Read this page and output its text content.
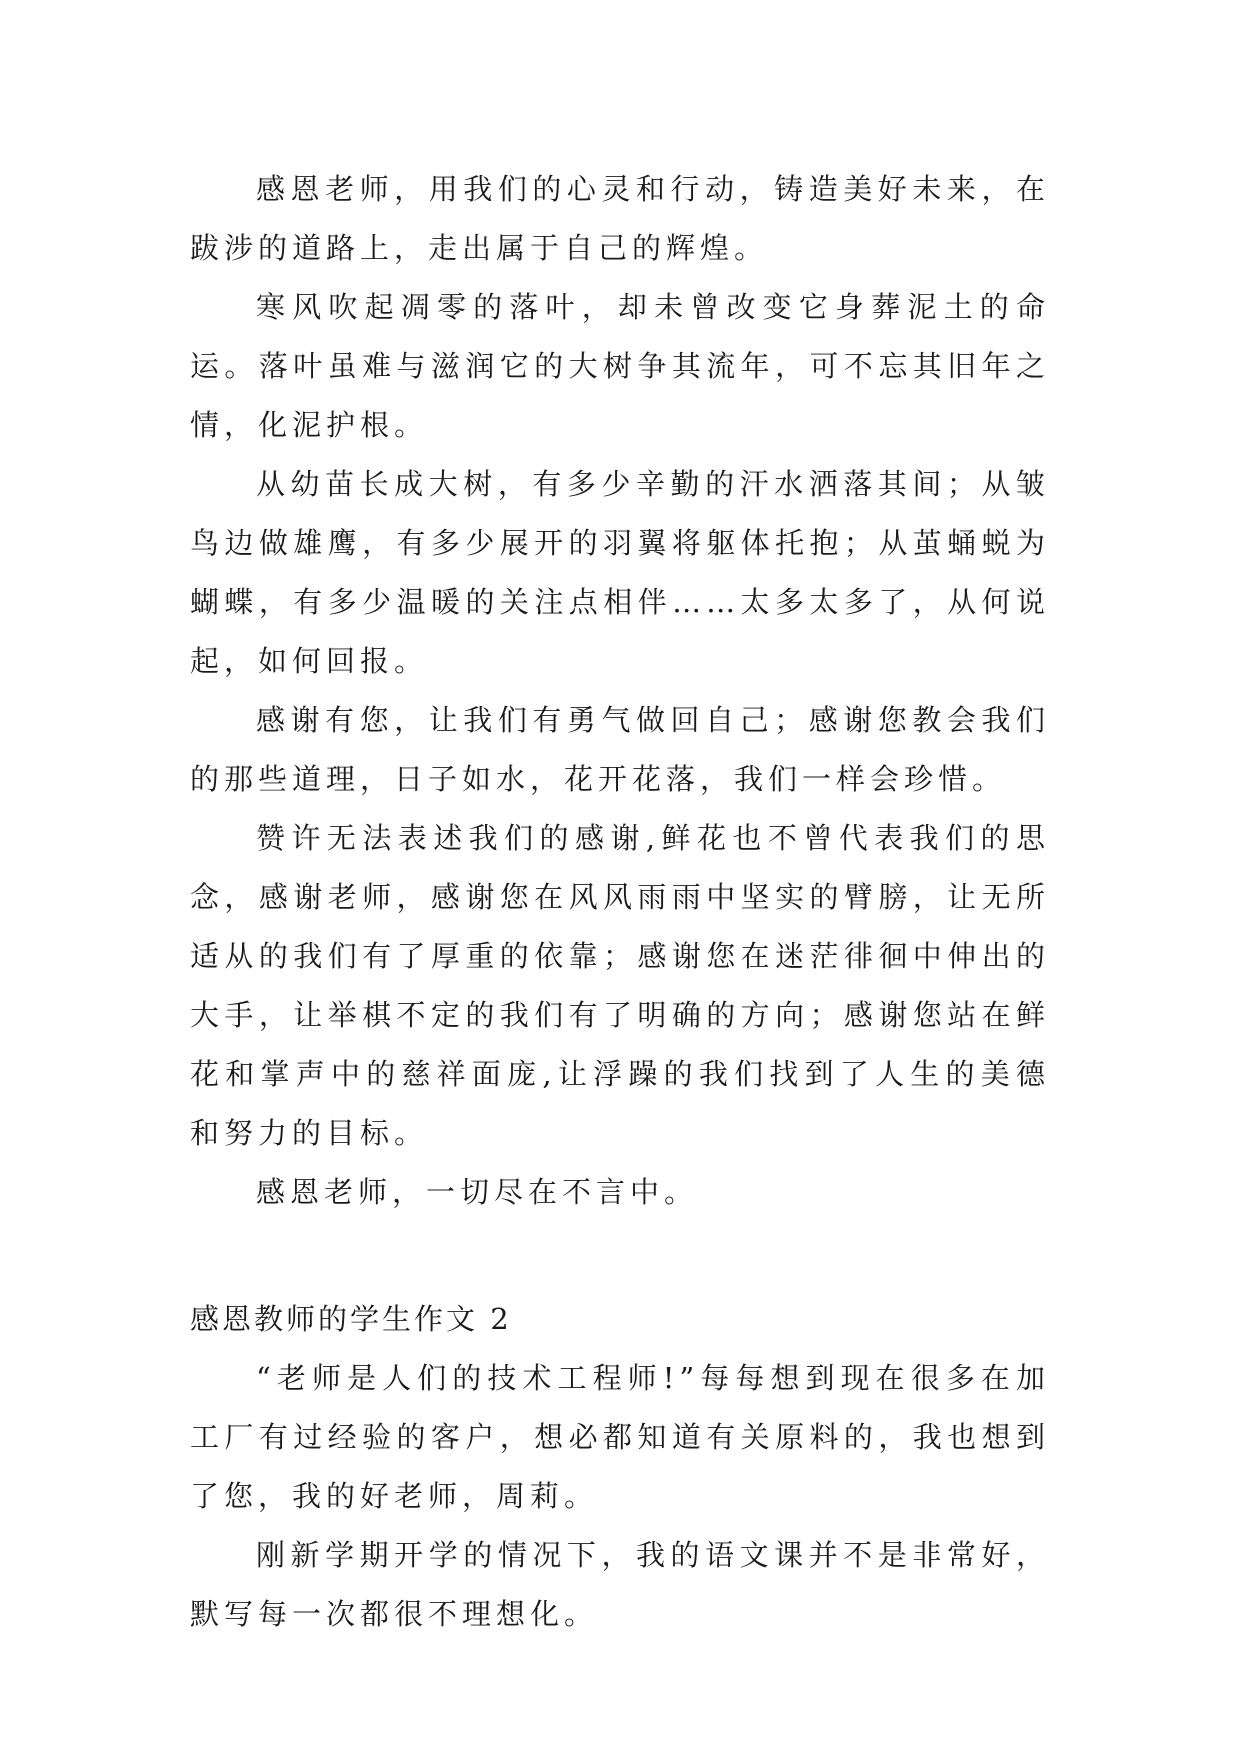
感恩老师，用我们的心灵和行动，铸造美好未来，在跋涉的道路上，走出属于自己的辉煌。

寒风吹起凋零的落叶，却未曾改变它身葬泥土的命运。落叶虽难与滋润它的大树争其流年，可不忘其旧年之情，化泥护根。

从幼苗长成大树，有多少辛勤的汗水洒落其间；从皱鸟边做雄鹰，有多少展开的羽翼将躯体托抱；从茧蛹蜕为蝴蝶，有多少温暖的关注点相伴……太多太多了，从何说起，如何回报。

感谢有您，让我们有勇气做回自己；感谢您教会我们的那些道理，日子如水，花开花落，我们一样会珍惜。

赞许无法表述我们的感谢,鲜花也不曾代表我们的思念，感谢老师，感谢您在风风雨雨中坚实的臂膀，让无所适从的我们有了厚重的依靠；感谢您在迷茫徘徊中伸出的大手，让举棋不定的我们有了明确的方向；感谢您站在鲜花和掌声中的慈祥面庞,让浮躁的我们找到了人生的美德和努力的目标。

感恩老师，一切尽在不言中。

感恩教师的学生作文 2

“老师是人们的技术工程师!”每每想到现在很多在加工厂有过经验的客户，想必都知道有关原料的，我也想到了您，我的好老师，周莉。

刚新学期开学的情况下，我的语文课并不是非常好，默写每一次都很不理想化。
